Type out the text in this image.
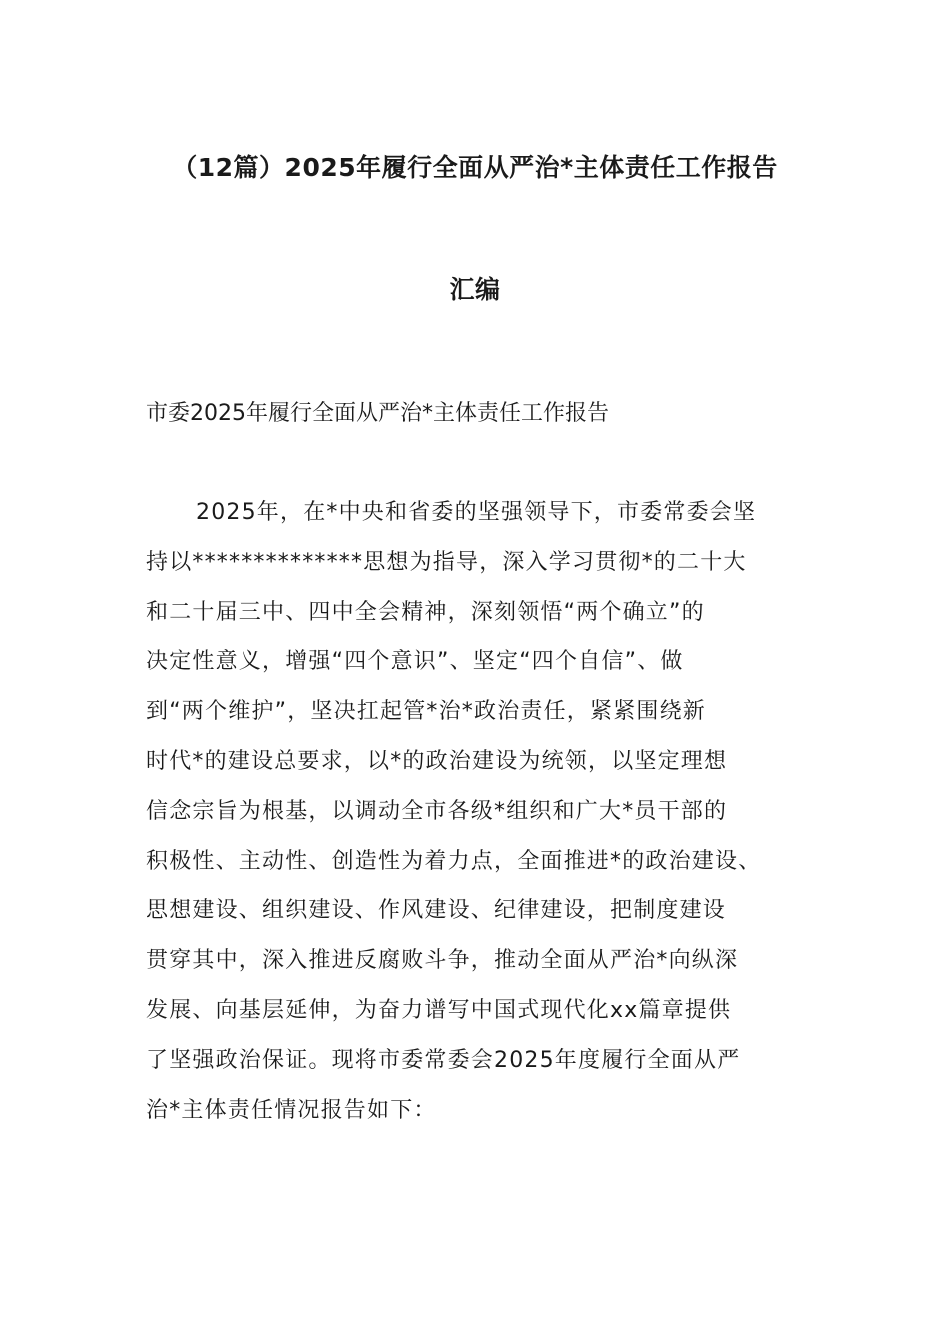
（12篇）2025年履行全面从严治*主体责任工作报告
汇编
市委2025年履行全面从严治*主体责任工作报告
2025年，在*中央和省委的坚强领导下，市委常委会坚
持以**************思想为指导，深入学习贯彻*的二十大
和二十届三中、四中全会精神，深刻领悟“两个确立”的
决定性意义，增强“四个意识”、坚定“四个自信”、做
到“两个维护”，坚决扛起管*治*政治责任，紧紧围绕新
时代*的建设总要求，以*的政治建设为统领，以坚定理想
信念宗旨为根基，以调动全市各级*组织和广大*员干部的
积极性、主动性、创造性为着力点，全面推进*的政治建设、
思想建设、组织建设、作风建设、纪律建设，把制度建设
贯穿其中，深入推进反腐败斗争，推动全面从严治*向纵深
发展、向基层延伸，为奋力谱写中国式现代化xx篇章提供
了坚强政治保证。现将市委常委会2025年度履行全面从严
治*主体责任情况报告如下：
